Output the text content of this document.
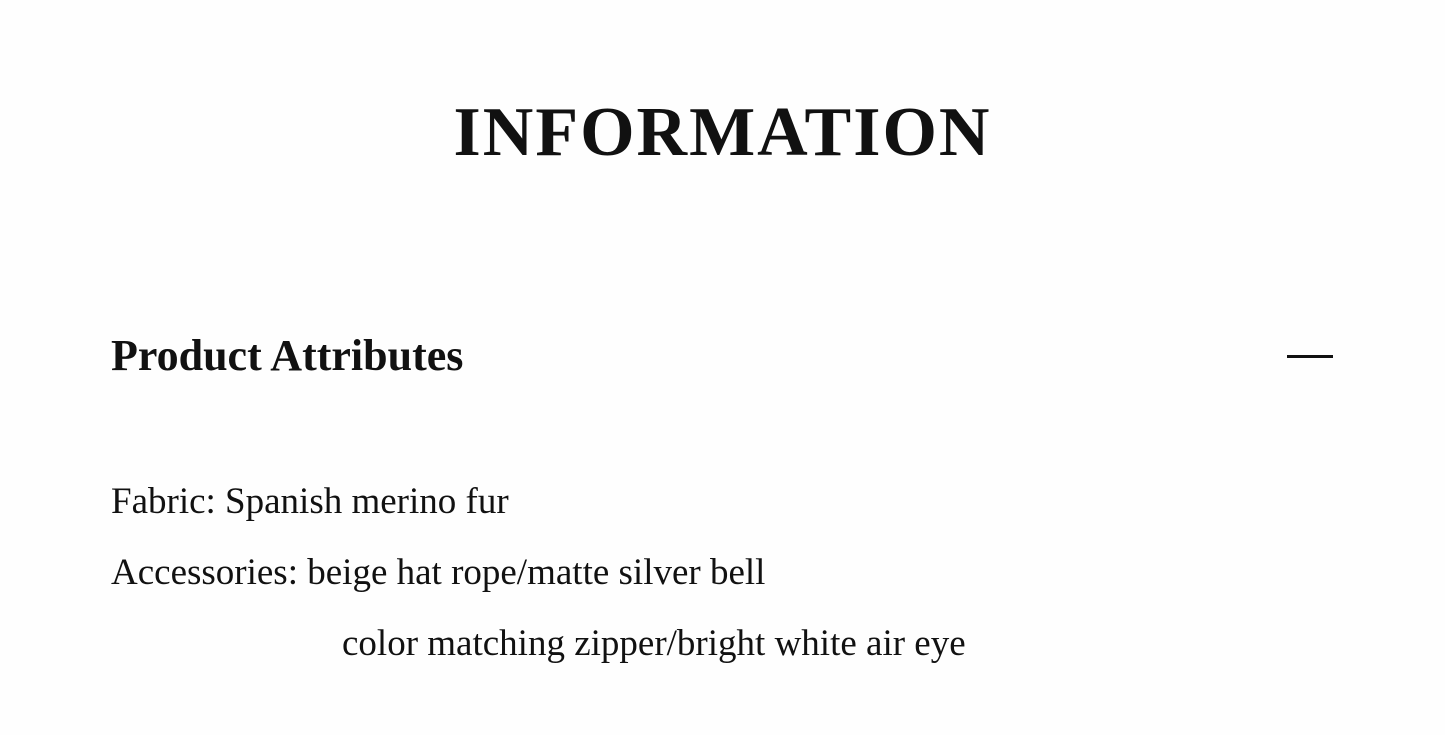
INFORMATION
Product Attributes
Fabric: Spanish merino fur
Accessories: beige hat rope/matte silver bell
color matching zipper/bright white air eye
